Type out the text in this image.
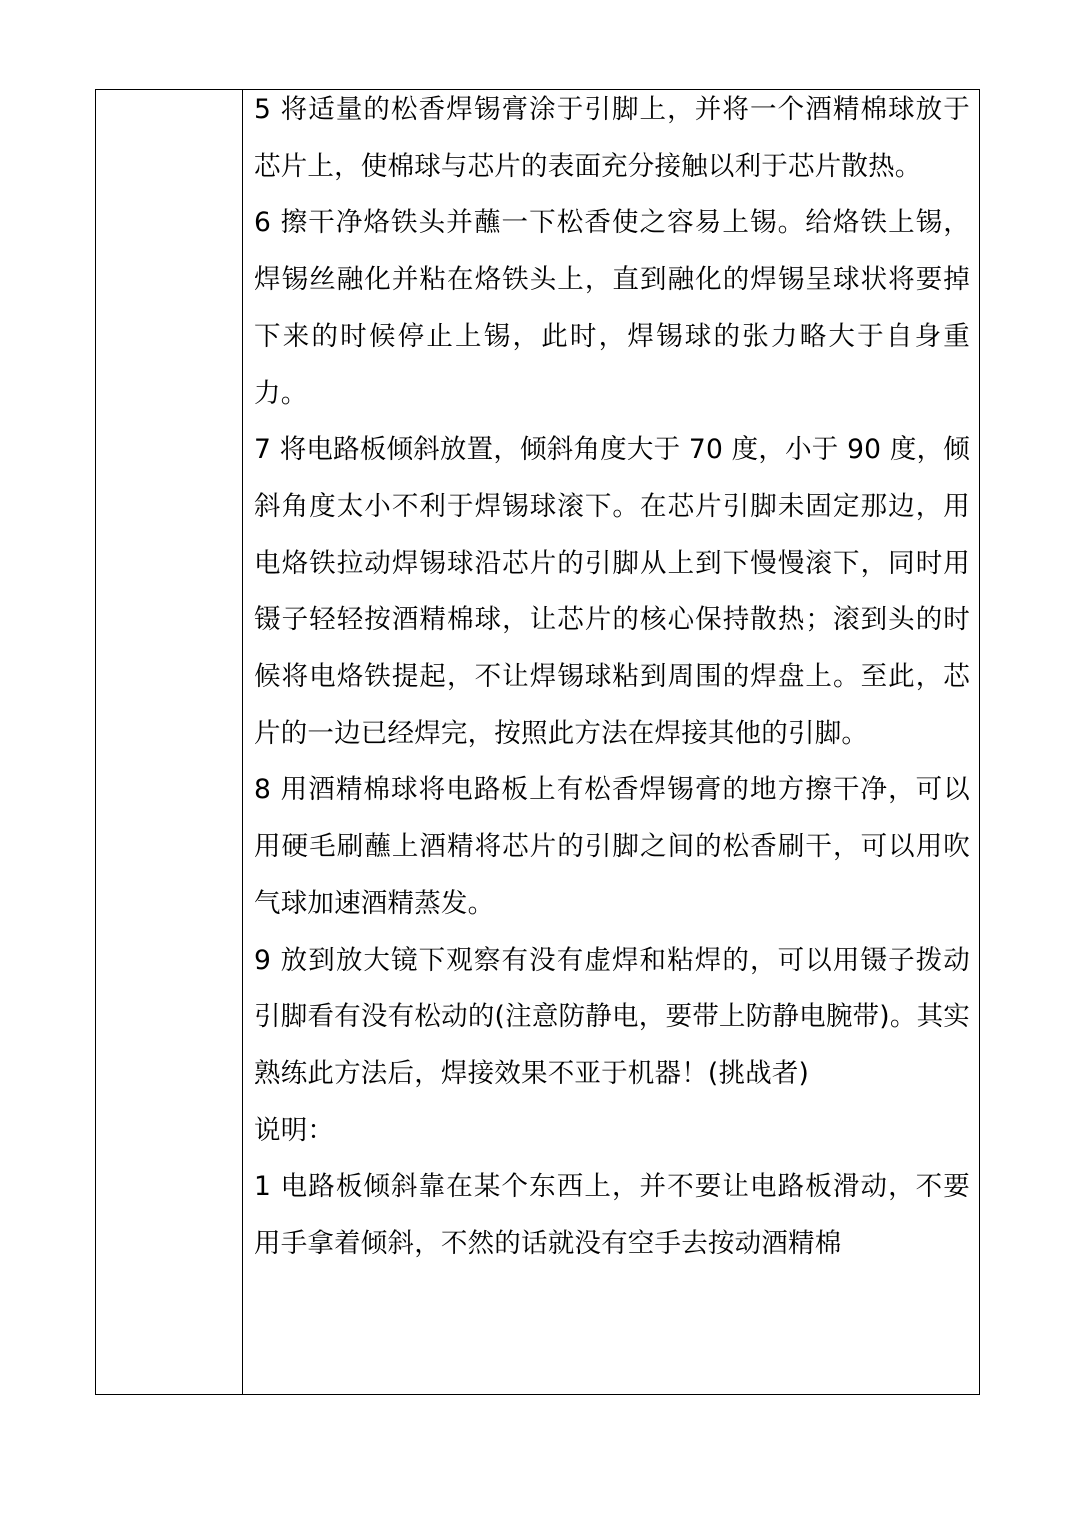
5 将适量的松香焊锡膏涂于引脚上，并将一个酒精棉球放于芯片上，使棉球与芯片的表面充分接触以利于芯片散热。

6 擦干净烙铁头并蘸一下松香使之容易上锡。给烙铁上锡，焊锡丝融化并粘在烙铁头上，直到融化的焊锡呈球状将要掉下来的时候停止上锡，此时，焊锡球的张力略大于自身重力。

7 将电路板倾斜放置，倾斜角度大于 70 度，小于 90 度，倾斜角度太小不利于焊锡球滚下。在芯片引脚未固定那边，用电烙铁拉动焊锡球沿芯片的引脚从上到下慢慢滚下，同时用镊子轻轻按酒精棉球，让芯片的核心保持散热；滚到头的时候将电烙铁提起，不让焊锡球粘到周围的焊盘上。至此，芯片的一边已经焊完，按照此方法在焊接其他的引脚。

8 用酒精棉球将电路板上有松香焊锡膏的地方擦干净，可以用硬毛刷蘸上酒精将芯片的引脚之间的松香刷干，可以用吹气球加速酒精蒸发。

9 放到放大镜下观察有没有虚焊和粘焊的，可以用镊子拨动引脚看有没有松动的(注意防静电，要带上防静电腕带)。其实熟练此方法后，焊接效果不亚于机器！(挑战者)

说明：

1 电路板倾斜靠在某个东西上，并不要让电路板滑动，不要用手拿着倾斜，不然的话就没有空手去按动酒精棉
